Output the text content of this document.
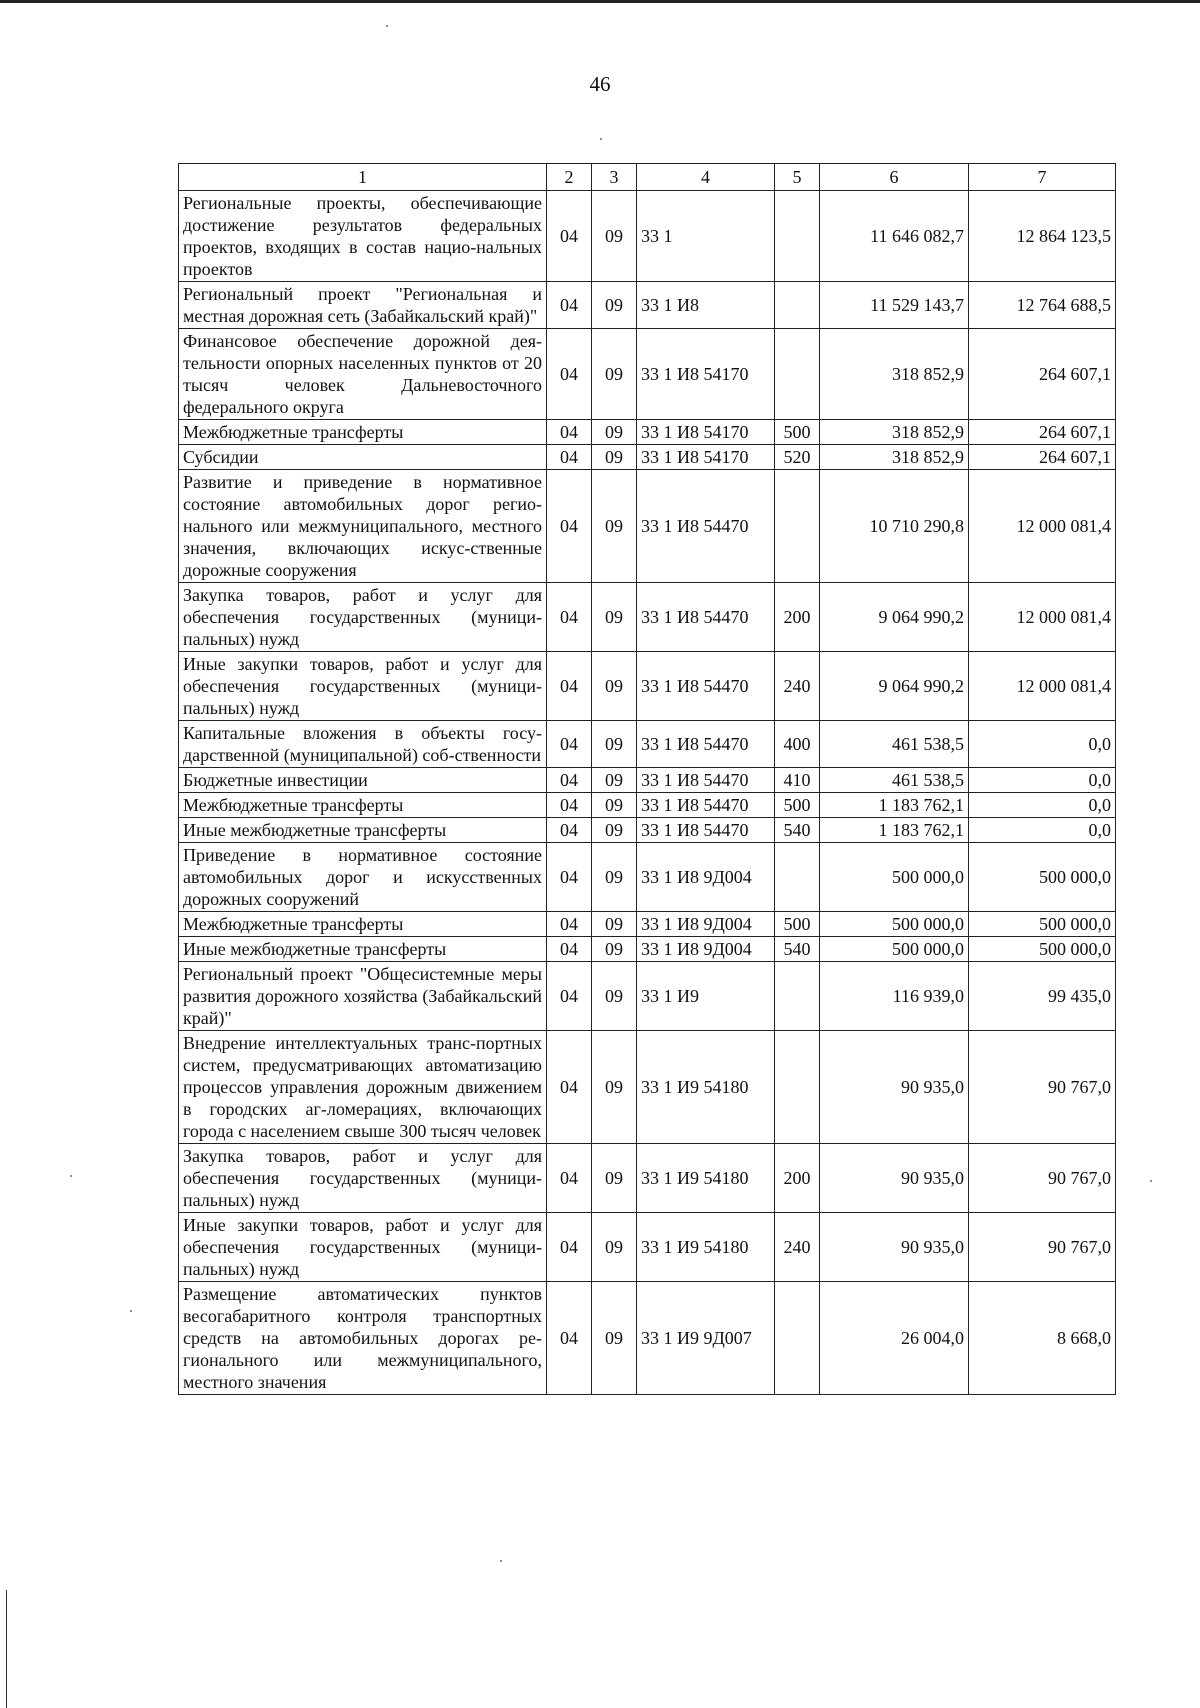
46
1	2	3	4	5	6	7
Региональные проекты, обеспечивающие достижение результатов федеральных проектов, входящих в состав нацио-нальных проектов	04	09	33 1		11 646 082,7	12 864 123,5
Региональный проект "Региональная и местная дорожная сеть (Забайкальский край)"	04	09	33 1 И8		11 529 143,7	12 764 688,5
Финансовое обеспечение дорожной дея-тельности опорных населенных пунктов от 20 тысяч человек Дальневосточного федерального округа	04	09	33 1 И8 54170		318 852,9	264 607,1
Межбюджетные трансферты	04	09	33 1 И8 54170	500	318 852,9	264 607,1
Субсидии	04	09	33 1 И8 54170	520	318 852,9	264 607,1
Развитие и приведение в нормативное состояние автомобильных дорог регио-нального или межмуниципального, местного значения, включающих искус-ственные дорожные сооружения	04	09	33 1 И8 54470		10 710 290,8	12 000 081,4
Закупка товаров, работ и услуг для обеспечения государственных (муници-пальных) нужд	04	09	33 1 И8 54470	200	9 064 990,2	12 000 081,4
Иные закупки товаров, работ и услуг для обеспечения государственных (муници-пальных) нужд	04	09	33 1 И8 54470	240	9 064 990,2	12 000 081,4
Капитальные вложения в объекты госу-дарственной (муниципальной) соб-ственности	04	09	33 1 И8 54470	400	461 538,5	0,0
Бюджетные инвестиции	04	09	33 1 И8 54470	410	461 538,5	0,0
Межбюджетные трансферты	04	09	33 1 И8 54470	500	1 183 762,1	0,0
Иные межбюджетные трансферты	04	09	33 1 И8 54470	540	1 183 762,1	0,0
Приведение в нормативное состояние автомобильных дорог и искусственных дорожных сооружений	04	09	33 1 И8 9Д004		500 000,0	500 000,0
Межбюджетные трансферты	04	09	33 1 И8 9Д004	500	500 000,0	500 000,0
Иные межбюджетные трансферты	04	09	33 1 И8 9Д004	540	500 000,0	500 000,0
Региональный проект "Общесистемные меры развития дорожного хозяйства (Забайкальский край)"	04	09	33 1 И9		116 939,0	99 435,0
Внедрение интеллектуальных транс-портных систем, предусматривающих автоматизацию процессов управления дорожным движением в городских аг-ломерациях, включающих города с населением свыше 300 тысяч человек	04	09	33 1 И9 54180		90 935,0	90 767,0
Закупка товаров, работ и услуг для обеспечения государственных (муници-пальных) нужд	04	09	33 1 И9 54180	200	90 935,0	90 767,0
Иные закупки товаров, работ и услуг для обеспечения государственных (муници-пальных) нужд	04	09	33 1 И9 54180	240	90 935,0	90 767,0
Размещение автоматических пунктов весогабаритного контроля транспортных средств на автомобильных дорогах ре-гионального или межмуниципального, местного значения	04	09	33 1 И9 9Д007		26 004,0	8 668,0
